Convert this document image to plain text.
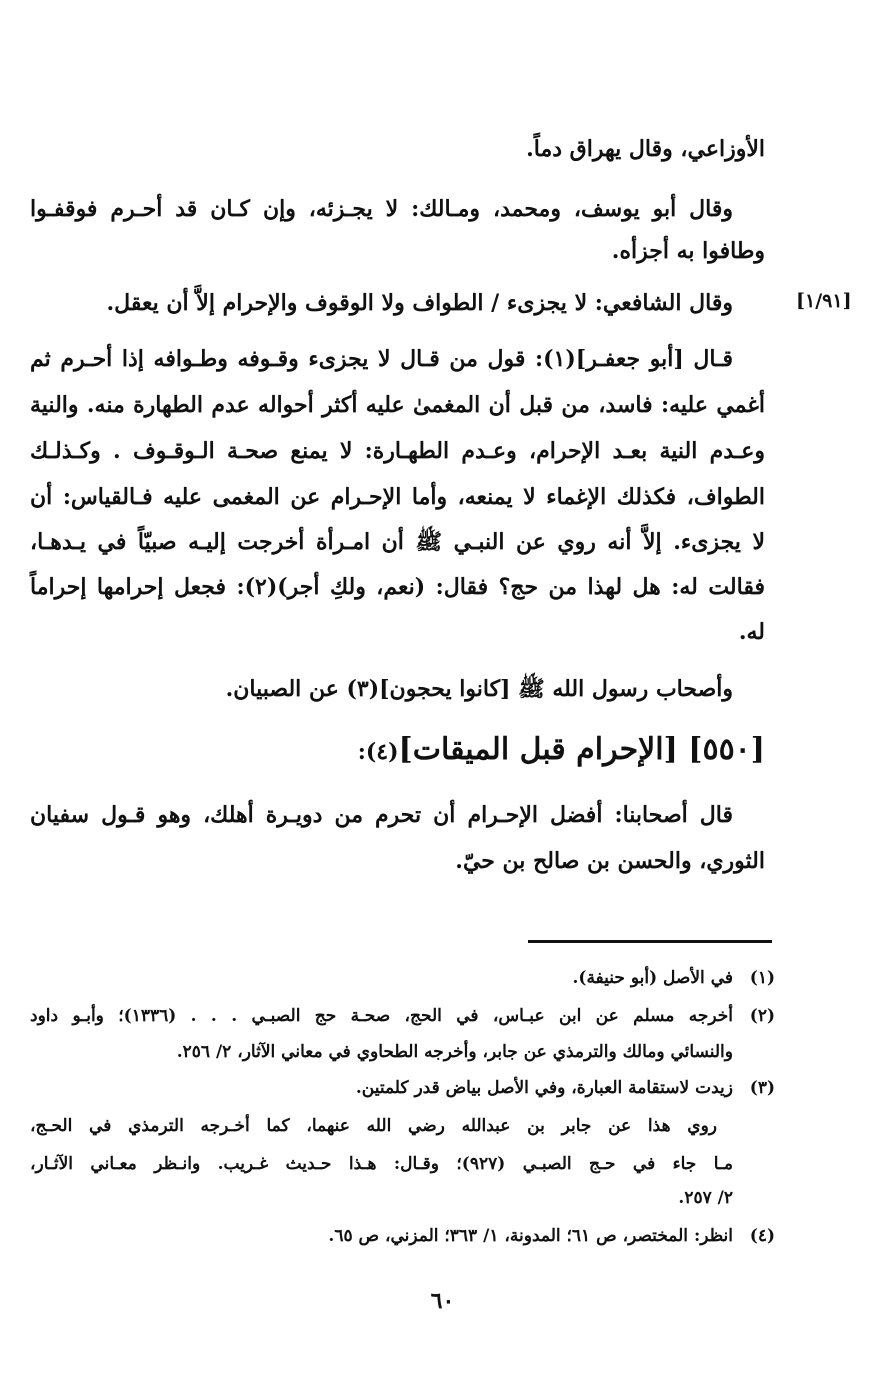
الأوزاعي، وقال يهراق دماً.
وقال أبو يوسف، ومحمد، ومـالك: لا يجـزئه، وإن كـان قد أحـرم فوقفـوا
وطافوا به أجزأه.
[١/٩١]
وقال الشافعي: لا يجزىء / الطواف ولا الوقوف والإحرام إلاَّ أن يعقل.
قـال [أبو جعفـر](١): قول من قـال لا يجزىء وقـوفه وطـوافه إذا أحـرم ثم
أغمي عليه: فاسد، من قبل أن المغمىٰ عليه أكثر أحواله عدم الطهارة منه. والنية
وعـدم النية بعـد الإحرام، وعـدم الطهـارة: لا يمنع صحـة الـوقـوف . وكـذلـك
الطواف، فكذلك الإغماء لا يمنعه، وأما الإحـرام عن المغمى عليه فـالقياس: أن
لا يجزىء. إلاَّ أنه روي عن النبـي ﷺ أن امـرأة أخرجت إليـه صبيّاً في يـدهـا،
فقالت له: هل لهذا من حج؟ فقال: (نعم، ولكِ أجر)(٢): فجعل إحرامها إحراماً
له.
وأصحاب رسول الله ﷺ [كانوا يحجون](٣) عن الصبيان.
[٥٥٠] [الإحرام قبل الميقات](٤):
قال أصحابنا: أفضل الإحـرام أن تحرم من دويـرة أهلك، وهو قـول سفيان
الثوري، والحسن بن صالح بن حيّ.
(١)
في الأصل (أبو حنيفة).
(٢)
أخرجه مسلم عن ابن عبـاس، في الحج، صحـة حج الصبـي . . . (١٣٣٦)؛ وأبـو داود
والنسائي ومالك والترمذي عن جابر، وأخرجه الطحاوي في معاني الآثار، ٢/ ٢٥٦.
(٣)
زيدت لاستقامة العبارة، وفي الأصل بياض قدر كلمتين.
روي هذا عن جابر بن عبدالله رضي الله عنهما، كما أخـرجه الترمذي في الحـج،
مـا جاء في حـج الصبـي (٩٢٧)؛ وقـال: هـذا حـديث غـريب. وانـظر معـاني الآثـار،
٢/ ٢٥٧.
(٤)
انظر: المختصر، ص ٦١؛ المدونة، ١/ ٣٦٣؛ المزني، ص ٦٥.
٦٠
